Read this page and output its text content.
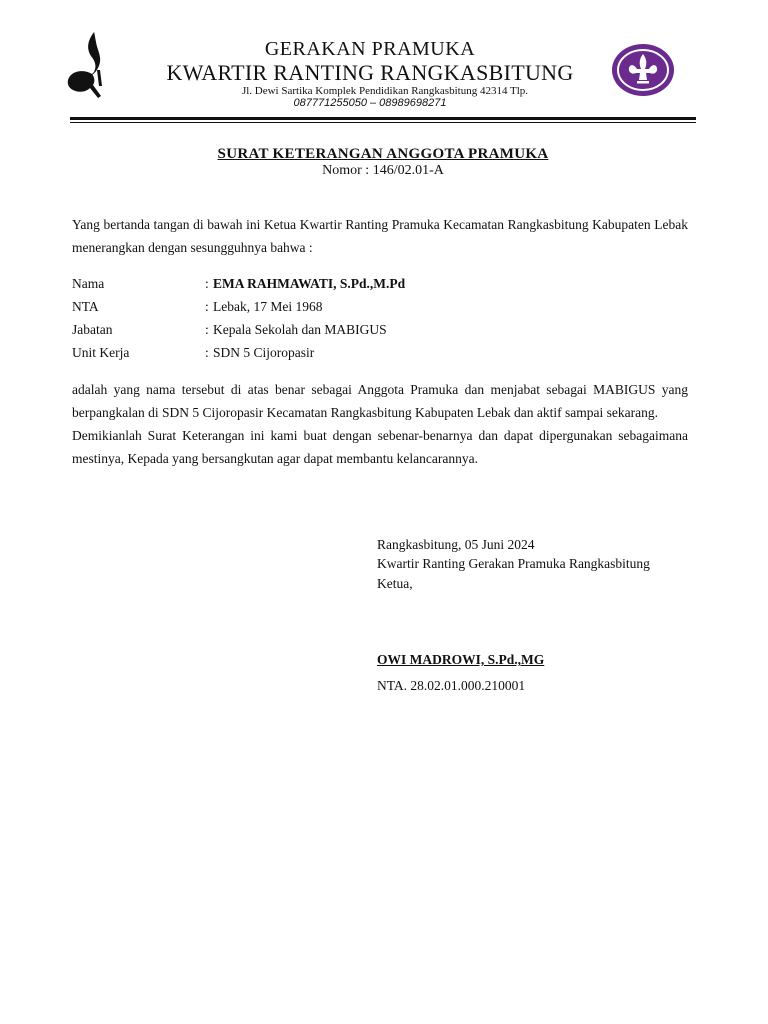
GERAKAN PRAMUKA
KWARTIR RANTING RANGKASBITUNG
Jl. Dewi Sartika Komplek Pendidikan Rangkasbitung 42314 Tlp.
087771255050 – 08989698271
SURAT KETERANGAN ANGGOTA PRAMUKA
Nomor : 146/02.01-A
Yang bertanda tangan di bawah ini Ketua Kwartir Ranting Pramuka Kecamatan Rangkasbitung Kabupaten Lebak menerangkan dengan sesungguhnya bahwa :
Nama	: EMA RAHMAWATI, S.Pd.,M.Pd
NTA	: Lebak, 17 Mei 1968
Jabatan	: Kepala Sekolah dan MABIGUS
Unit Kerja	: SDN 5 Cijoropasir
adalah yang nama tersebut di atas benar sebagai Anggota Pramuka dan menjabat sebagai MABIGUS yang berpangkalan di SDN 5 Cijoropasir Kecamatan Rangkasbitung Kabupaten Lebak dan aktif sampai sekarang.
Demikianlah Surat Keterangan ini kami buat dengan sebenar-benarnya dan dapat dipergunakan sebagaimana mestinya, Kepada yang bersangkutan agar dapat membantu kelancarannya.
Rangkasbitung, 05 Juni 2024
Kwartir Ranting Gerakan Pramuka Rangkasbitung
Ketua,
OWI MADROWI, S.Pd.,MG
NTA. 28.02.01.000.210001
